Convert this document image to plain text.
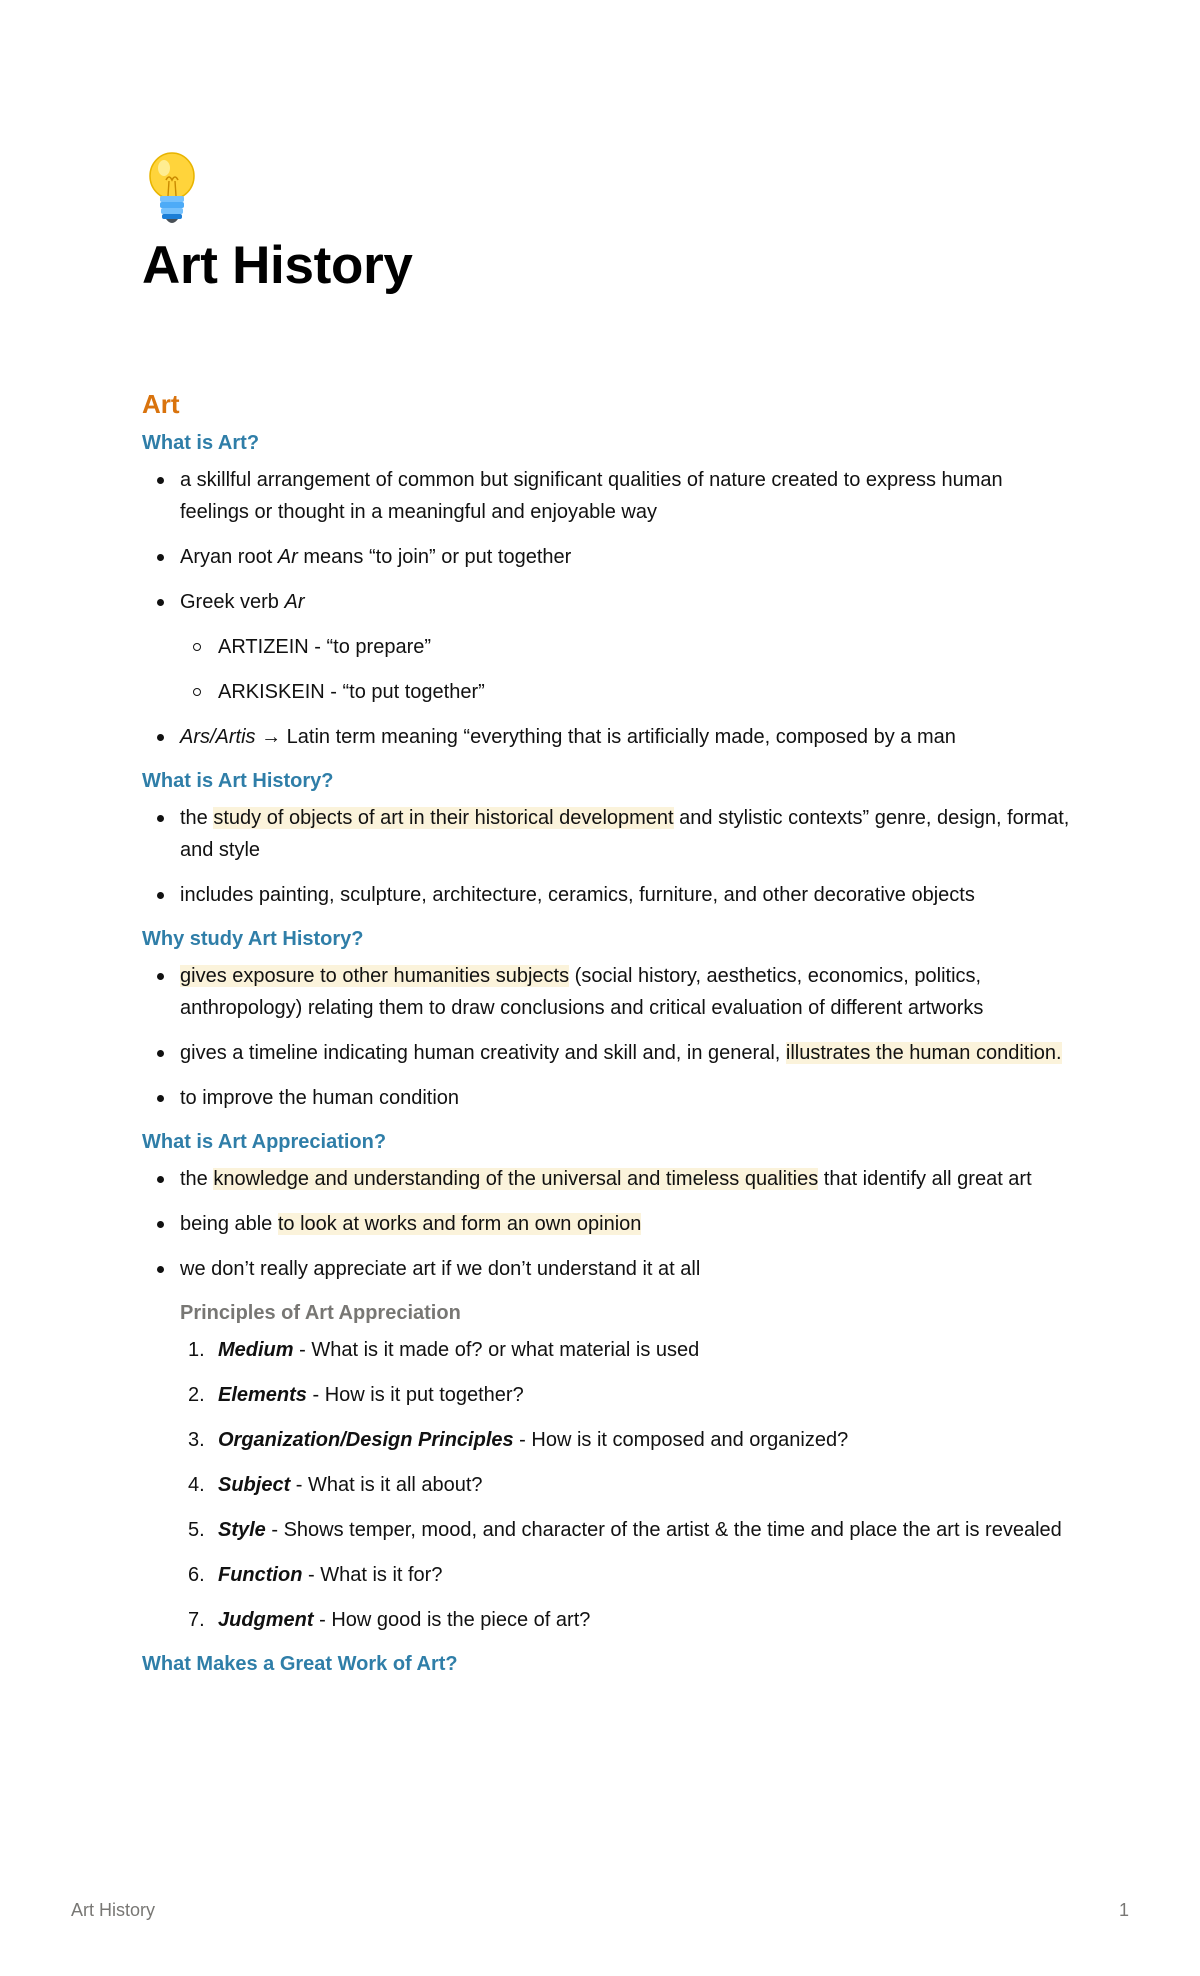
Art History
Art
What is Art?
a skillful arrangement of common but significant qualities of nature created to express human feelings or thought in a meaningful and enjoyable way
Aryan root Ar means “to join” or put together
Greek verb Ar
ARTIZEIN - “to prepare”
ARKISKEIN - “to put together”
Ars/Artis → Latin term meaning “everything that is artificially made, composed by a man
What is Art History?
the study of objects of art in their historical development and stylistic contexts” genre, design, format, and style
includes painting, sculpture, architecture, ceramics, furniture, and other decorative objects
Why study Art History?
gives exposure to other humanities subjects (social history, aesthetics, economics, politics, anthropology) relating them to draw conclusions and critical evaluation of different artworks
gives a timeline indicating human creativity and skill and, in general, illustrates the human condition.
to improve the human condition
What is Art Appreciation?
the knowledge and understanding of the universal and timeless qualities that identify all great art
being able to look at works and form an own opinion
we don’t really appreciate art if we don’t understand it at all
Principles of Art Appreciation
1. Medium - What is it made of? or what material is used
2. Elements - How is it put together?
3. Organization/Design Principles - How is it composed and organized?
4. Subject - What is it all about?
5. Style - Shows temper, mood, and character of the artist & the time and place the art is revealed
6. Function - What is it for?
7. Judgment - How good is the piece of art?
What Makes a Great Work of Art?
Art History	1
